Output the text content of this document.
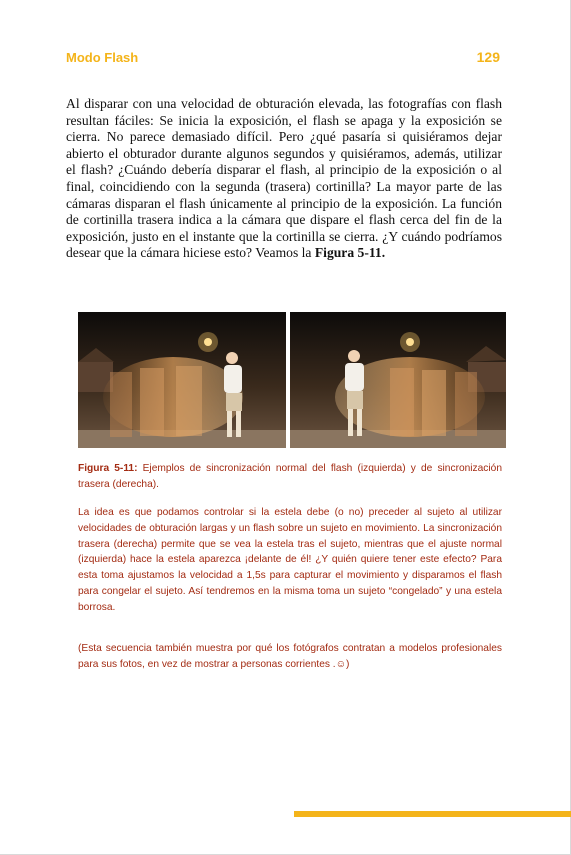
Modo Flash	129
Al disparar con una velocidad de obturación elevada, las fotografías con flash resultan fáciles: Se inicia la exposición, el flash se apaga y la exposición se cierra. No parece demasiado difícil. Pero ¿qué pasaría si quisiéramos dejar abierto el obturador durante algunos segundos y quisiéramos, además, utilizar el flash? ¿Cuándo debería disparar el flash, al principio de la exposición o al final, coincidiendo con la segunda (trasera) cortinilla? La mayor parte de las cámaras disparan el flash únicamente al principio de la exposición. La función de cortinilla trasera indica a la cámara que dispare el flash cerca del fin de la exposición, justo en el instante que la cortinilla se cierra. ¿Y cuándo podríamos desear que la cámara hiciese esto? Veamos la Figura 5-11.
Figura 5-11: Ejemplos de sincronización normal del flash (izquierda) y de sincronización trasera (derecha).
La idea es que podamos controlar si la estela debe (o no) preceder al sujeto al utilizar velocidades de obturación largas y un flash sobre un sujeto en movimiento. La sincronización trasera (derecha) permite que se vea la estela tras el sujeto, mientras que el ajuste normal (izquierda) hace la estela aparezca ¡delante de él! ¿Y quién quiere tener este efecto? Para esta toma ajustamos la velocidad a 1,5s para capturar el movimiento y disparamos el flash para congelar el sujeto. Así tendremos en la misma toma un sujeto “congelado” y una estela borrosa.
(Esta secuencia también muestra por qué los fotógrafos contratan a modelos profesionales para sus fotos, en vez de mostrar a personas corrientes .☺)
